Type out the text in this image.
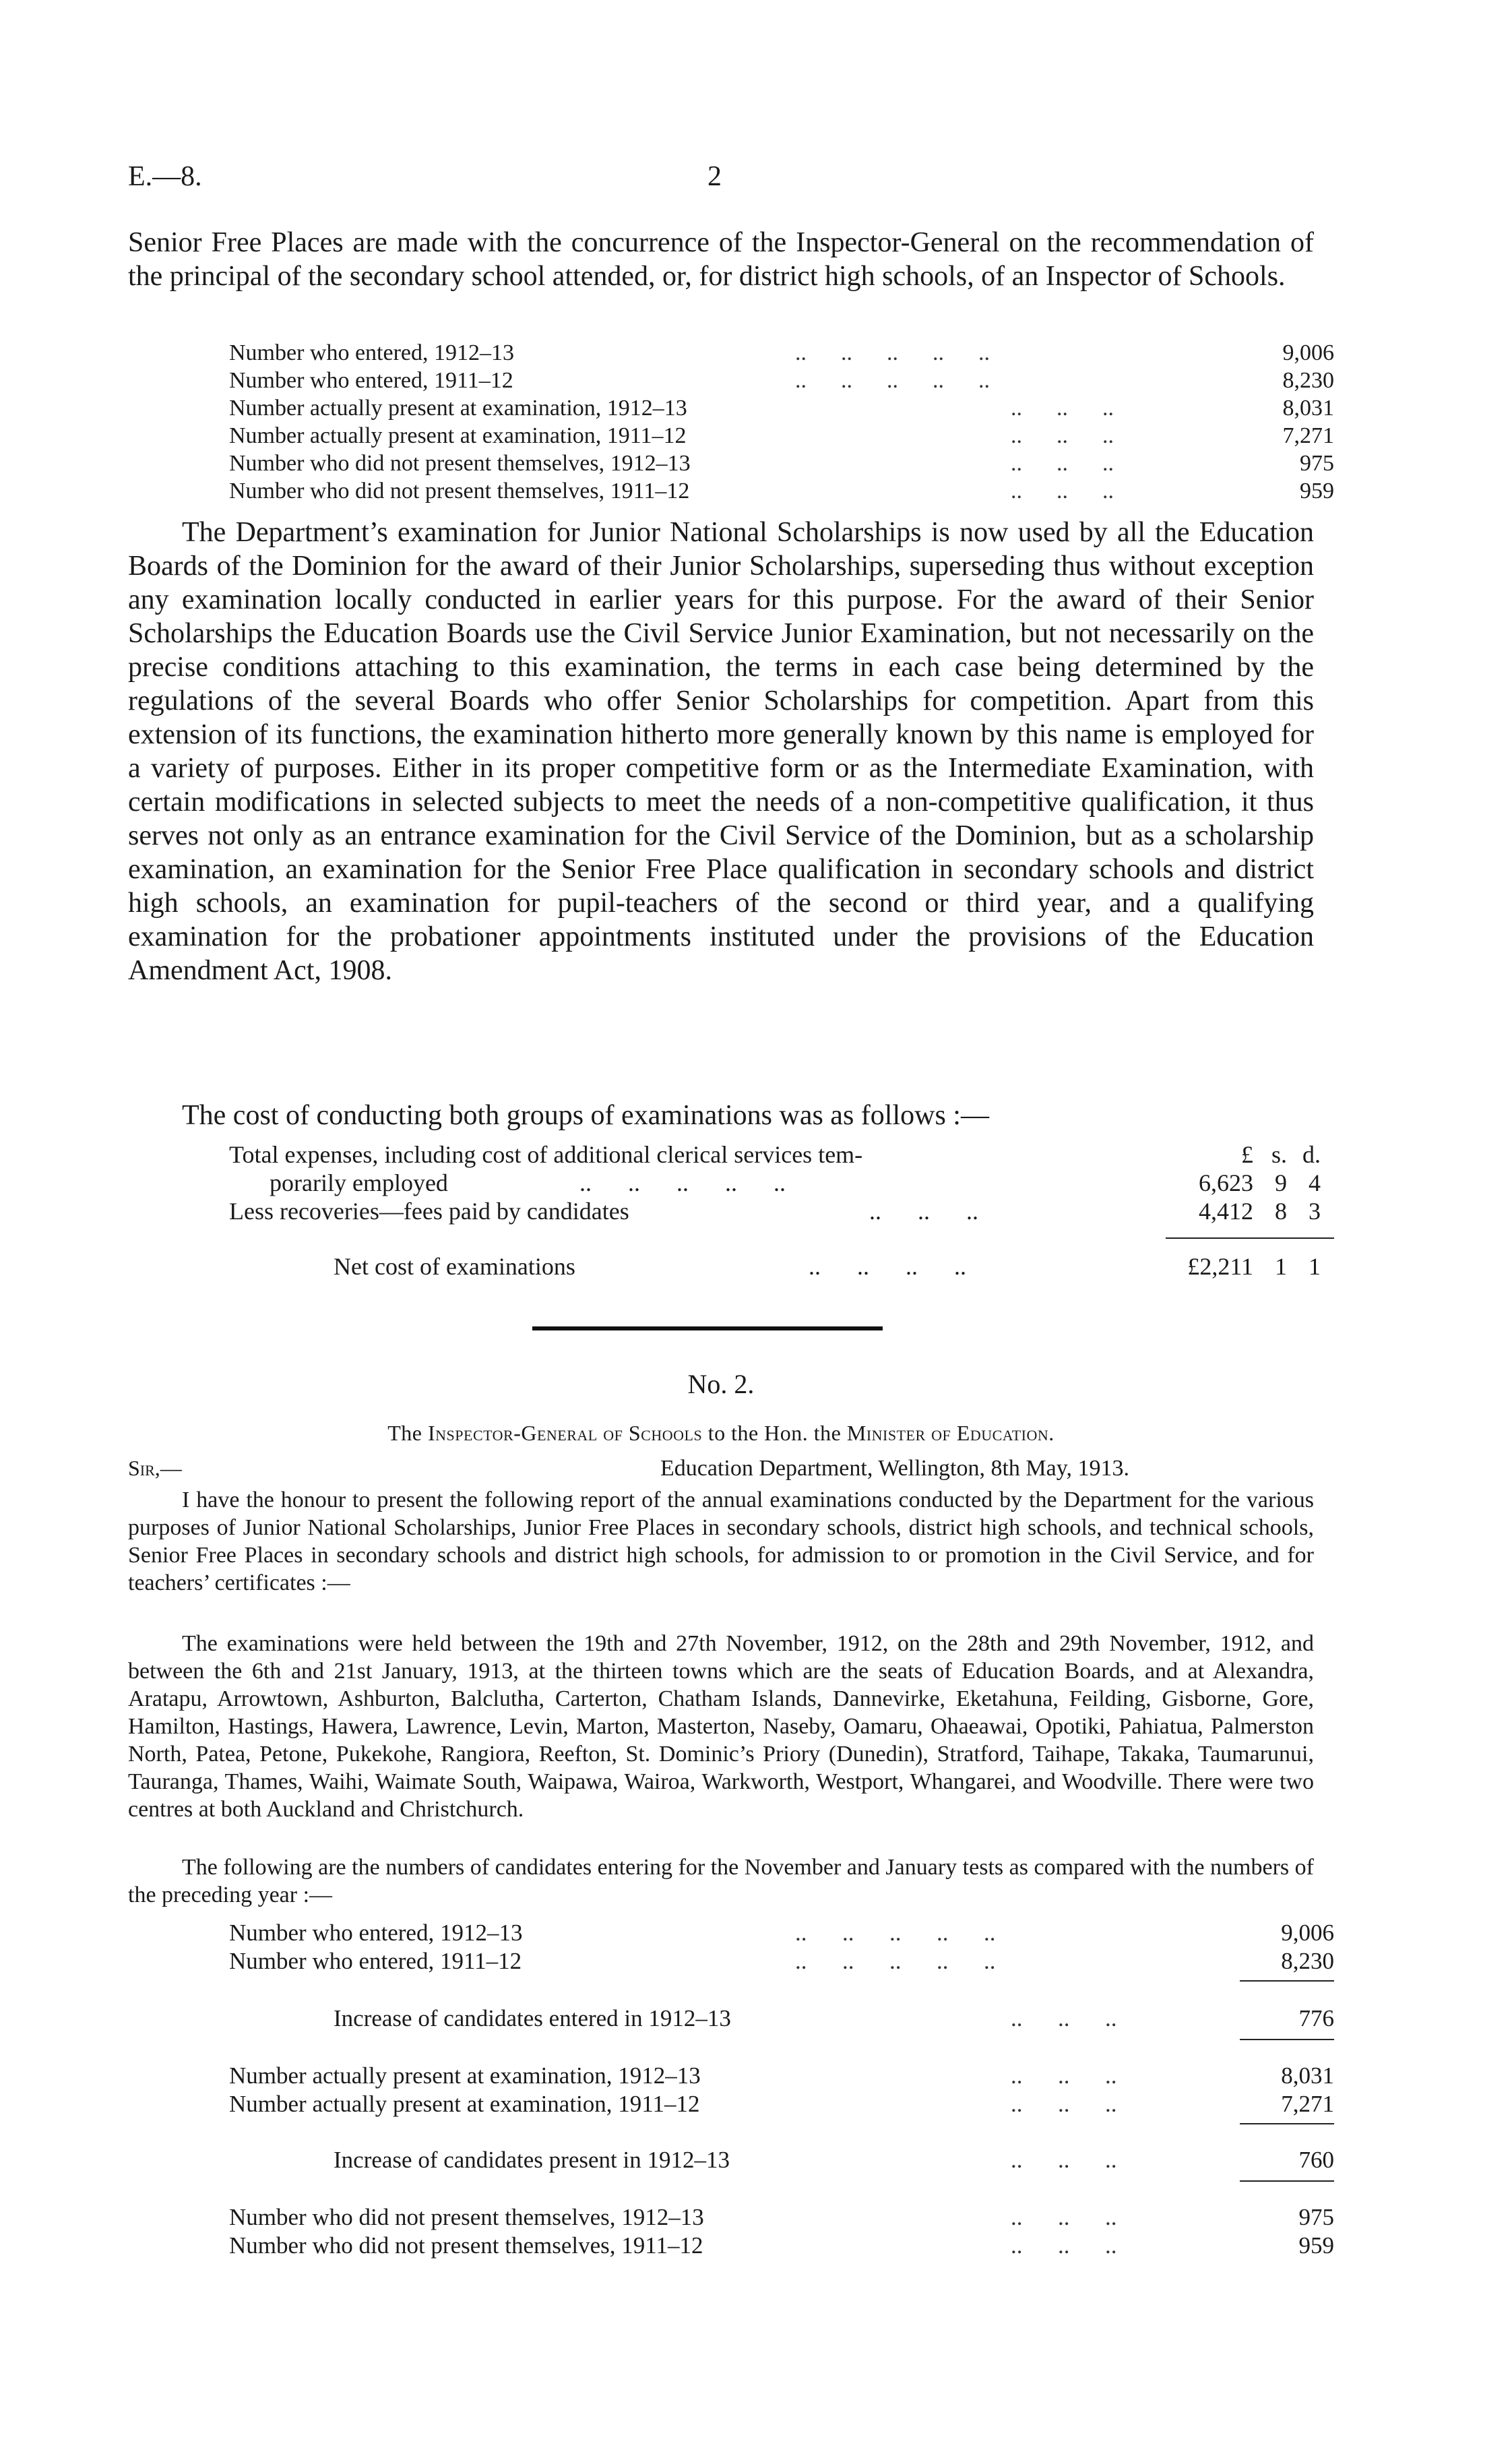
E.—8.	2

Senior Free Places are made with the concurrence of the Inspector-General on the recommendation of the principal of the secondary school attended, or, for district high schools, of an Inspector of Schools.

Number who entered, 1912–13	..      ..      ..      ..      ..	9,006
Number who entered, 1911–12	..      ..      ..      ..      ..	8,230
Number actually present at examination, 1912–13	..      ..      ..	8,031
Number actually present at examination, 1911–12	..      ..      ..	7,271
Number who did not present themselves, 1912–13	..      ..      ..	975
Number who did not present themselves, 1911–12	..      ..      ..	959

The Department’s examination for Junior National Scholarships is now used by all the Education Boards of the Dominion for the award of their Junior Scholarships, superseding thus without exception any examination locally conducted in earlier years for this purpose. For the award of their Senior Scholarships the Education Boards use the Civil Service Junior Examination, but not necessarily on the precise conditions attaching to this examination, the terms in each case being determined by the regulations of the several Boards who offer Senior Scholarships for competition. Apart from this extension of its functions, the examination hitherto more generally known by this name is employed for a variety of purposes. Either in its proper competitive form or as the Intermediate Examination, with certain modifications in selected subjects to meet the needs of a non-competitive qualification, it thus serves not only as an entrance examination for the Civil Service of the Dominion, but as a scholarship examination, an examination for the Senior Free Place qualification in secondary schools and district high schools, an examination for pupil-teachers of the second or third year, and a qualifying examination for the probationer appointments instituted under the provisions of the Education Amendment Act, 1908.

The cost of conducting both groups of examinations was as follows :—

£ s. d.
Total expenses, including cost of additional clerical services tem-
porarily employed	..      ..      ..      ..      ..	6,623 9 4
Less recoveries—fees paid by candidates	..      ..      ..	4,412 8 3
Net cost of examinations	..      ..      ..      ..	£2,211 1 1
No. 2.
The Inspector-General of Schools to the Hon. the Minister of Education.
Sir,—	Education Department, Wellington, 8th May, 1913.

I have the honour to present the following report of the annual examinations conducted by the Department for the various purposes of Junior National Scholarships, Junior Free Places in secondary schools, district high schools, and technical schools, Senior Free Places in secondary schools and district high schools, for admission to or promotion in the Civil Service, and for teachers’ certificates :—

The examinations were held between the 19th and 27th November, 1912, on the 28th and 29th November, 1912, and between the 6th and 21st January, 1913, at the thirteen towns which are the seats of Education Boards, and at Alexandra, Aratapu, Arrowtown, Ashburton, Balclutha, Carterton, Chatham Islands, Dannevirke, Eketahuna, Feilding, Gisborne, Gore, Hamilton, Hastings, Hawera, Lawrence, Levin, Marton, Masterton, Naseby, Oamaru, Ohaeawai, Opotiki, Pahiatua, Palmerston North, Patea, Petone, Pukekohe, Rangiora, Reefton, St. Dominic’s Priory (Dunedin), Stratford, Taihape, Takaka, Taumarunui, Tauranga, Thames, Waihi, Waimate South, Waipawa, Wairoa, Warkworth, Westport, Whangarei, and Woodville. There were two centres at both Auckland and Christchurch.

The following are the numbers of candidates entering for the November and January tests as compared with the numbers of the preceding year :—

Number who entered, 1912–13	..      ..      ..      ..      ..	9,006
Number who entered, 1911–12	..      ..      ..      ..      ..	8,230
Increase of candidates entered in 1912–13	..      ..      ..	776
Number actually present at examination, 1912–13	..      ..      ..	8,031
Number actually present at examination, 1911–12	..      ..      ..	7,271
Increase of candidates present in 1912–13	..      ..      ..	760
Number who did not present themselves, 1912–13	..      ..      ..	975
Number who did not present themselves, 1911–12	..      ..      ..	959
